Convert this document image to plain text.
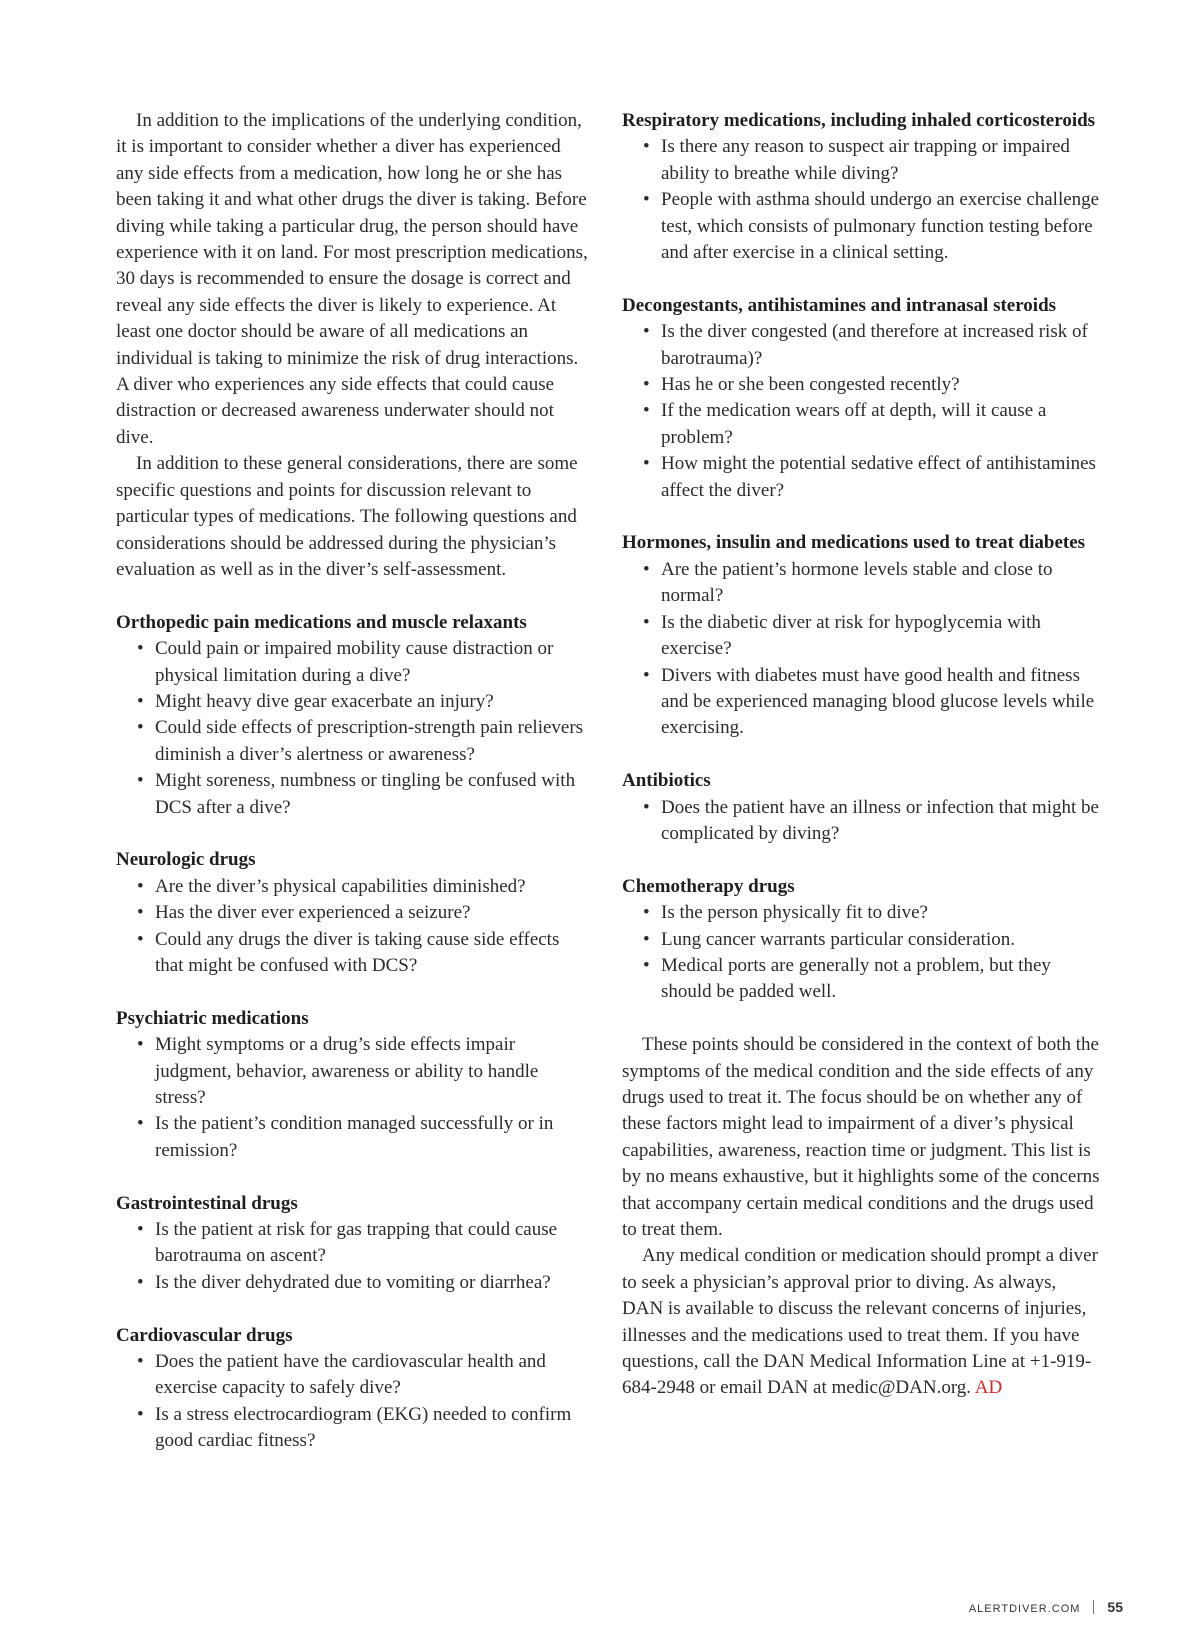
In addition to the implications of the underlying condition, it is important to consider whether a diver has experienced any side effects from a medication, how long he or she has been taking it and what other drugs the diver is taking. Before diving while taking a particular drug, the person should have experience with it on land. For most prescription medications, 30 days is recommended to ensure the dosage is correct and reveal any side effects the diver is likely to experience. At least one doctor should be aware of all medications an individual is taking to minimize the risk of drug interactions. A diver who experiences any side effects that could cause distraction or decreased awareness underwater should not dive.

In addition to these general considerations, there are some specific questions and points for discussion relevant to particular types of medications. The following questions and considerations should be addressed during the physician’s evaluation as well as in the diver’s self-assessment.

Orthopedic pain medications and muscle relaxants
• Could pain or impaired mobility cause distraction or physical limitation during a dive?
• Might heavy dive gear exacerbate an injury?
• Could side effects of prescription-strength pain relievers diminish a diver’s alertness or awareness?
• Might soreness, numbness or tingling be confused with DCS after a dive?
Neurologic drugs
• Are the diver’s physical capabilities diminished?
• Has the diver ever experienced a seizure?
• Could any drugs the diver is taking cause side effects that might be confused with DCS?
Psychiatric medications
• Might symptoms or a drug’s side effects impair judgment, behavior, awareness or ability to handle stress?
• Is the patient’s condition managed successfully or in remission?
Gastrointestinal drugs
• Is the patient at risk for gas trapping that could cause barotrauma on ascent?
• Is the diver dehydrated due to vomiting or diarrhea?
Cardiovascular drugs
• Does the patient have the cardiovascular health and exercise capacity to safely dive?
• Is a stress electrocardiogram (EKG) needed to confirm good cardiac fitness?
Respiratory medications, including inhaled corticosteroids
• Is there any reason to suspect air trapping or impaired ability to breathe while diving?
• People with asthma should undergo an exercise challenge test, which consists of pulmonary function testing before and after exercise in a clinical setting.
Decongestants, antihistamines and intranasal steroids
• Is the diver congested (and therefore at increased risk of barotrauma)?
• Has he or she been congested recently?
• If the medication wears off at depth, will it cause a problem?
• How might the potential sedative effect of antihistamines affect the diver?
Hormones, insulin and medications used to treat diabetes
• Are the patient’s hormone levels stable and close to normal?
• Is the diabetic diver at risk for hypoglycemia with exercise?
• Divers with diabetes must have good health and fitness and be experienced managing blood glucose levels while exercising.
Antibiotics
• Does the patient have an illness or infection that might be complicated by diving?
Chemotherapy drugs
• Is the person physically fit to dive?
• Lung cancer warrants particular consideration.
• Medical ports are generally not a problem, but they should be padded well.

These points should be considered in the context of both the symptoms of the medical condition and the side effects of any drugs used to treat it. The focus should be on whether any of these factors might lead to impairment of a diver’s physical capabilities, awareness, reaction time or judgment. This list is by no means exhaustive, but it highlights some of the concerns that accompany certain medical conditions and the drugs used to treat them.

Any medical condition or medication should prompt a diver to seek a physician’s approval prior to diving. As always, DAN is available to discuss the relevant concerns of injuries, illnesses and the medications used to treat them. If you have questions, call the DAN Medical Information Line at +1-919-684-2948 or email DAN at medic@DAN.org. AD

ALERTDIVER.COM 55
